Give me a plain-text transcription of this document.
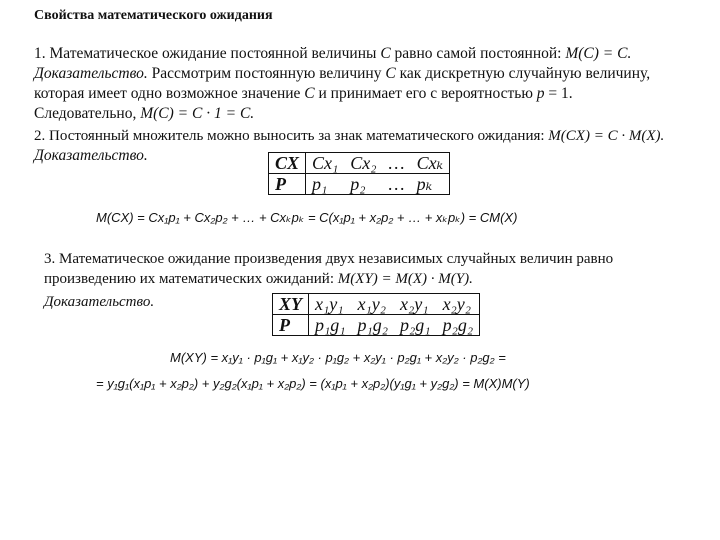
Свойства математического ожидания
1. Математическое ожидание постоянной величины C равно самой постоянной: M(C) = C.
Доказательство. Рассмотрим постоянную величину C как дискретную случайную величину,
которая имеет одно возможное значение C и принимает его с вероятностью p = 1.
Следовательно, M(C) = C · 1 = C.
2. Постоянный множитель можно выносить за знак математического ожидания: M(CX) = C · M(X).
Доказательство.	CX	Cx₁	Cx₂	…	Cxₖ
P	p₁	p₂	…	pₖ
M(CX) = Cx₁p₁ + Cx₂p₂ + … + Cxₖpₖ = C(x₁p₁ + x₂p₂ + … + xₖpₖ) = CM(X)
3. Математическое ожидание произведения двух независимых случайных величин равно
произведению их математических ожиданий: M(XY) = M(X) · M(Y).
Доказательство.	XY	x₁y₁	x₁y₂	x₂y₁	x₂y₂
P	p₁g₁	p₁g₂	p₂g₁	p₂g₂
M(XY) = x₁y₁ · p₁g₁ + x₁y₂ · p₁g₂ + x₂y₁ · p₂g₁ + x₂y₂ · p₂g₂ =
= y₁g₁(x₁p₁ + x₂p₂) + y₂g₂(x₁p₁ + x₂p₂) = (x₁p₁ + x₂p₂)(y₁g₁ + y₂g₂) = M(X)M(Y)
